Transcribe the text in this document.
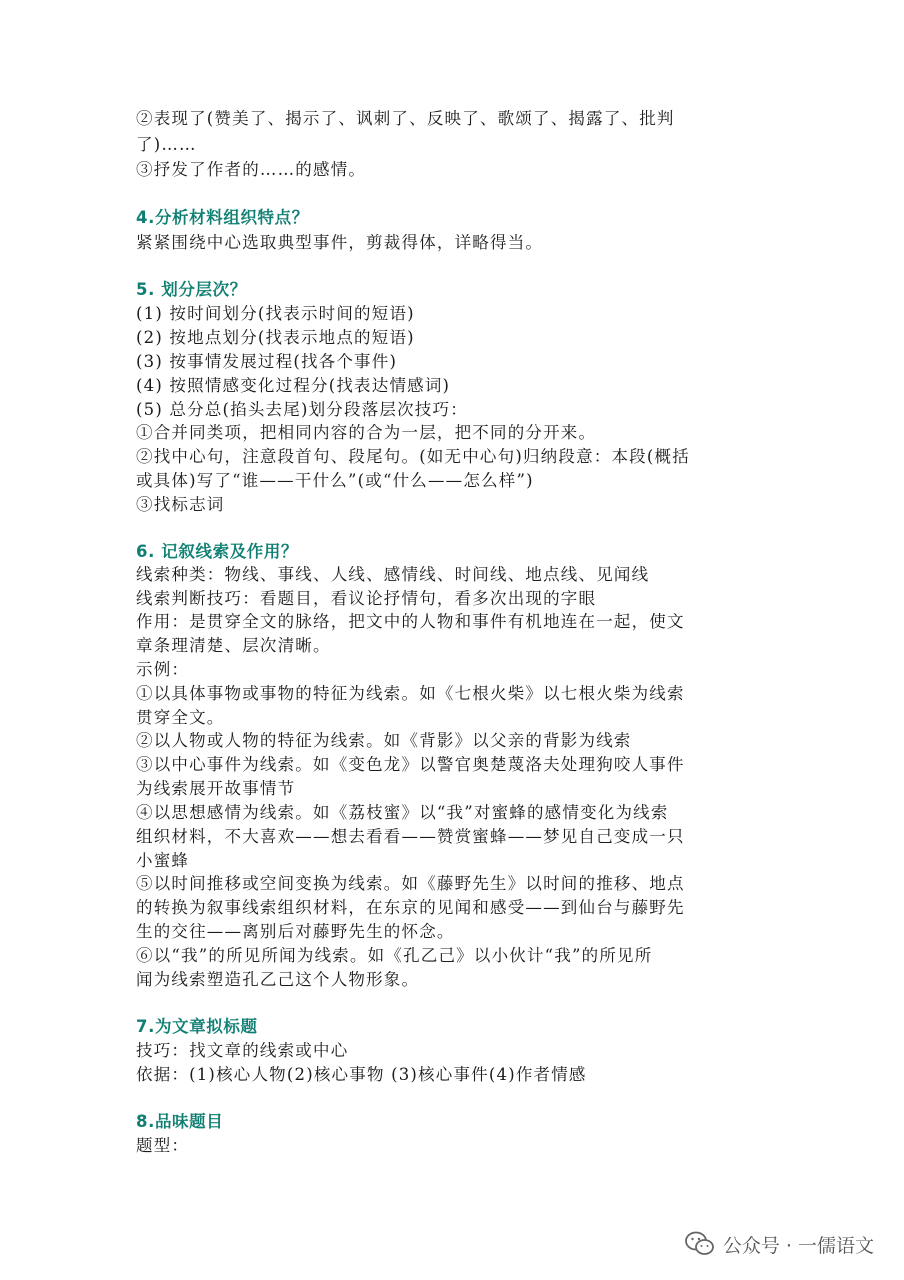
②表现了(赞美了、揭示了、讽刺了、反映了、歌颂了、揭露了、批判
了)……
③抒发了作者的……的感情。
4.分析材料组织特点？
紧紧围绕中心选取典型事件，剪裁得体，详略得当。
5. 划分层次？
(1) 按时间划分(找表示时间的短语)
(2) 按地点划分(找表示地点的短语)
(3) 按事情发展过程(找各个事件)
(4) 按照情感变化过程分(找表达情感词)
(5) 总分总(掐头去尾)划分段落层次技巧：
①合并同类项，把相同内容的合为一层，把不同的分开来。
②找中心句，注意段首句、段尾句。(如无中心句)归纳段意：本段(概括
或具体)写了“谁——干什么”(或“什么——怎么样”)
③找标志词
6. 记叙线索及作用？
线索种类：物线、事线、人线、感情线、时间线、地点线、见闻线
线索判断技巧：看题目，看议论抒情句，看多次出现的字眼
作用：是贯穿全文的脉络，把文中的人物和事件有机地连在一起，使文
章条理清楚、层次清晰。
示例：
①以具体事物或事物的特征为线索。如《七根火柴》以七根火柴为线索
贯穿全文。
②以人物或人物的特征为线索。如《背影》以父亲的背影为线索
③以中心事件为线索。如《变色龙》以警官奥楚蔑洛夫处理狗咬人事件
为线索展开故事情节
④以思想感情为线索。如《荔枝蜜》以“我”对蜜蜂的感情变化为线索
组织材料，不大喜欢——想去看看——赞赏蜜蜂——梦见自己变成一只
小蜜蜂
⑤以时间推移或空间变换为线索。如《藤野先生》以时间的推移、地点
的转换为叙事线索组织材料，在东京的见闻和感受——到仙台与藤野先
生的交往——离别后对藤野先生的怀念。
⑥以“我”的所见所闻为线索。如《孔乙己》以小伙计“我”的所见所
闻为线索塑造孔乙己这个人物形象。
7.为文章拟标题
技巧：找文章的线索或中心
依据：(1)核心人物(2)核心事物 (3)核心事件(4)作者情感
8.品味题目
题型：
公众号 · 一儒语文
